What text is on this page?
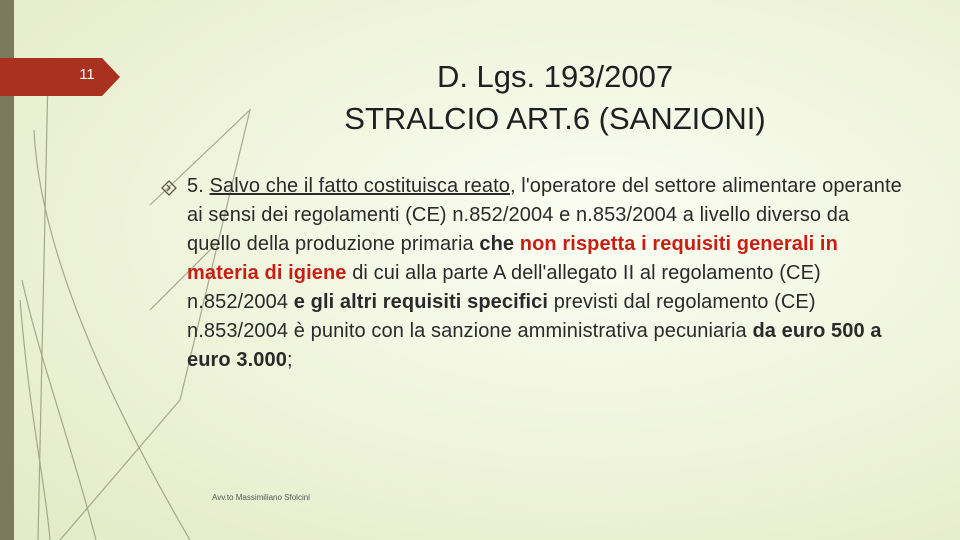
11	D. Lgs. 193/2007
STRALCIO ART.6 (SANZIONI)
5. Salvo che il fatto costituisca reato, l'operatore del settore alimentare operante ai sensi dei regolamenti (CE) n.852/2004 e n.853/2004 a livello diverso da quello della produzione primaria che non rispetta i requisiti generali in materia di igiene di cui alla parte A dell'allegato II al regolamento (CE) n.852/2004 e gli altri requisiti specifici previsti dal regolamento (CE) n.853/2004 è punito con la sanzione amministrativa pecuniaria da euro 500 a euro 3.000;
Avv.to Massimiliano Sfolcini
